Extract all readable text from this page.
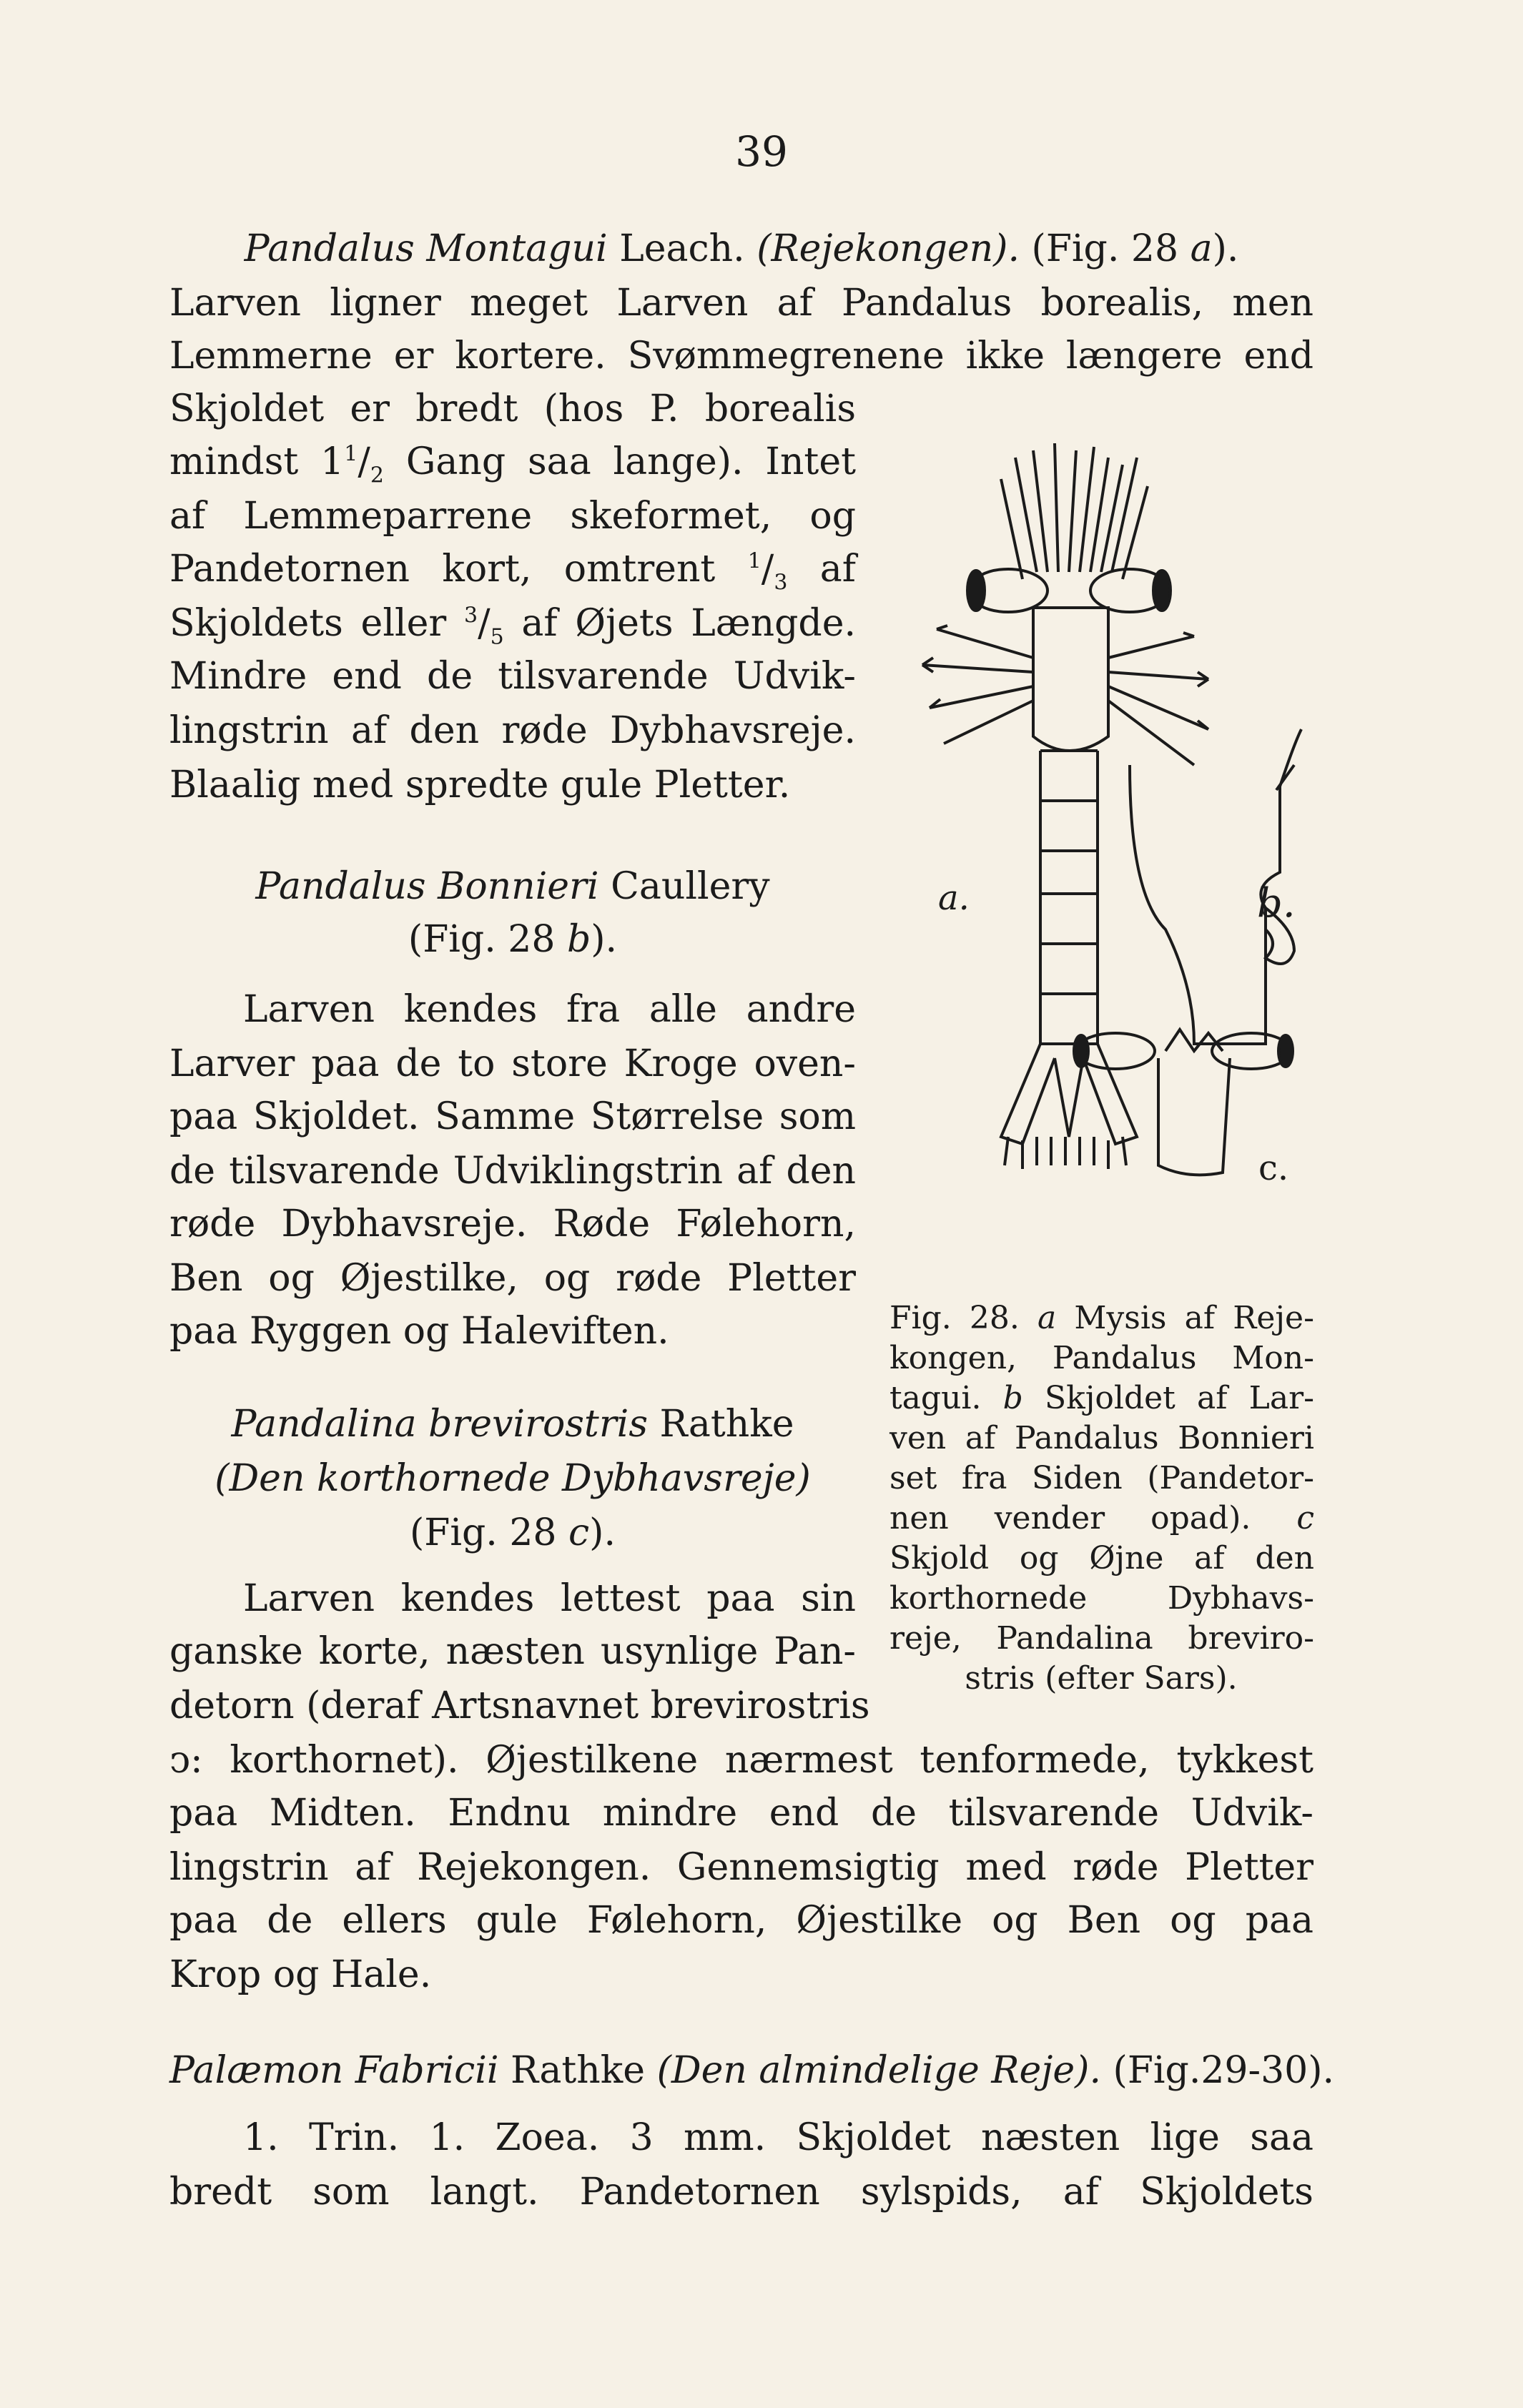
39
Pandalus Montagui Leach. (Rejekongen). (Fig. 28 a).
Larven ligner meget Larven af Pandalus borealis, men
Lemmerne er kortere. Svømmegrenene ikke længere end
Skjoldet er bredt (hos P. borealis
mindst $1^1/_2$ Gang saa lange). Intet
af Lemmeparrene skeformet, og
Pandetornen kort, omtrent $^1/_3$ af
Skjoldets eller $^3/_5$ af Øjets Længde.
Mindre end de tilsvarende Udvik-
lingstrin af den røde Dybhavsreje.
Blaalig med spredte gule Pletter.
Pandalus Bonnieri Caullery
(Fig. 28 b).
Larven kendes fra alle andre
Larver paa de to store Kroge oven-
paa Skjoldet. Samme Størrelse som
de tilsvarende Udviklingstrin af den
røde Dybhavsreje. Røde Følehorn,
Ben og Øjestilke, og røde Pletter
paa Ryggen og Haleviften.
Pandalina brevirostris Rathke
(Den korthornede Dybhavsreje)
(Fig. 28 c).
Larven kendes lettest paa sin
ganske korte, næsten usynlige Pan-
detorn (deraf Artsnavnet brevirostris
ↄ: korthornet). Øjestilkene nærmest tenformede, tykkest
paa Midten. Endnu mindre end de tilsvarende Udvik-
lingstrin af Rejekongen. Gennemsigtig med røde Pletter
paa de ellers gule Følehorn, Øjestilke og Ben og paa
Krop og Hale.
Palæmon Fabricii Rathke (Den almindelige Reje). (Fig.29-30).
1. Trin. 1. Zoea. 3 mm. Skjoldet næsten lige saa
bredt som langt. Pandetornen sylspids, af Skjoldets
a.	b.
c.
Fig. 28. a Mysis af Reje-
kongen, Pandalus Mon-
tagui. b Skjoldet af Lar-
ven af Pandalus Bonnieri
set fra Siden (Pandetor-
nen vender opad). c
Skjold og Øjne af den
korthornede Dybhavs-
reje, Pandalina breviro-
stris (efter Sars).
